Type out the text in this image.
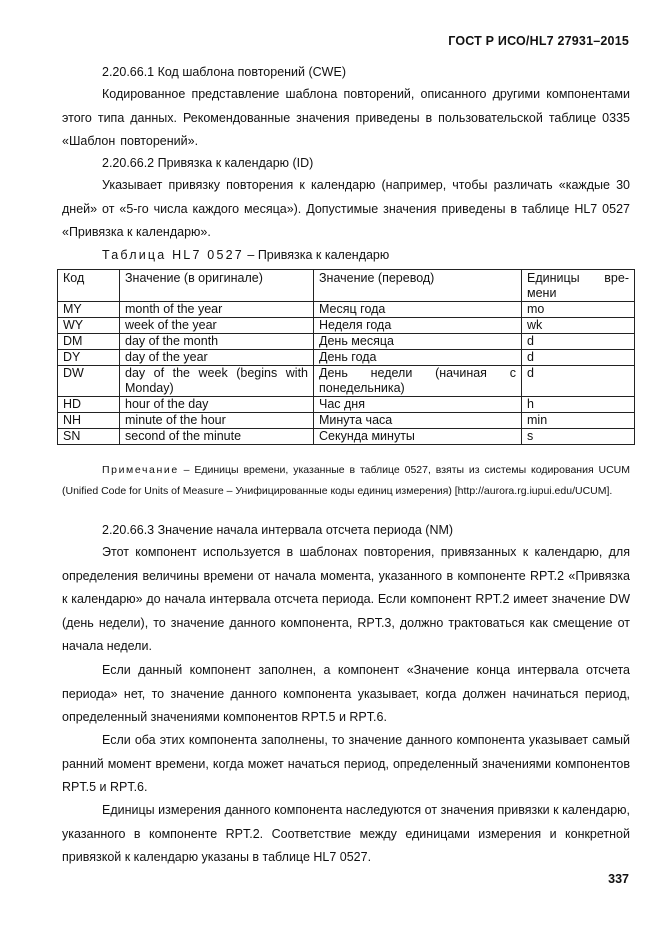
ГОСТ Р ИСО/HL7 27931–2015
2.20.66.1 Код шаблона повторений (CWE)
Кодированное представление шаблона повторений, описанного другими компонентами этого типа данных. Рекомендованные значения приведены в пользовательской таблице 0335 «Шаблон повторений».
2.20.66.2 Привязка к календарю (ID)
Указывает привязку повторения к календарю (например, чтобы различать «каждые 30 дней» от «5-го числа каждого месяца»). Допустимые значения приведены в таблице HL7 0527 «Привязка к календарю».
Таблица HL7 0527 – Привязка к календарю
Код	Значение (в оригинале)	Значение (перевод)	Единицы вре-
мени

MY	month of the year	Месяц года	mo
WY	week of the year	Неделя года	wk
DM	day of the month	День месяца	d
DY	day of the year	День года	d
DW	day of the week (begins with Monday)	День недели (начиная с понедельника)	d
HD	hour of the day	Час дня	h
NH	minute of the hour	Минута часа	min
SN	second of the minute	Секунда минуты	s
Примечание – Единицы времени, указанные в таблице 0527, взяты из системы кодирования UCUM (Unified Code for Units of Measure – Унифицированные коды единиц измерения) [http://aurora.rg.iupui.edu/UCUM].
2.20.66.3 Значение начала интервала отсчета периода (NM)
Этот компонент используется в шаблонах повторения, привязанных к календарю, для определения величины времени от начала момента, указанного в компоненте RPT.2 «Привязка к календарю» до начала интервала отсчета периода. Если компонент RPT.2 имеет значение DW (день недели), то значение данного компонента, RPT.3, должно трактоваться как смещение от начала недели.
Если данный компонент заполнен, а компонент «Значение конца интервала отсчета периода» нет, то значение данного компонента указывает, когда должен начинаться период, определенный значениями компонентов RPT.5 и RPT.6.
Если оба этих компонента заполнены, то значение данного компонента указывает самый ранний момент времени, когда может начаться период, определенный значениями компонентов RPT.5 и RPT.6.
Единицы измерения данного компонента наследуются от значения привязки к календарю, указанного в компоненте RPT.2. Соответствие между единицами измерения и конкретной привязкой к календарю указаны в таблице HL7 0527.
337
